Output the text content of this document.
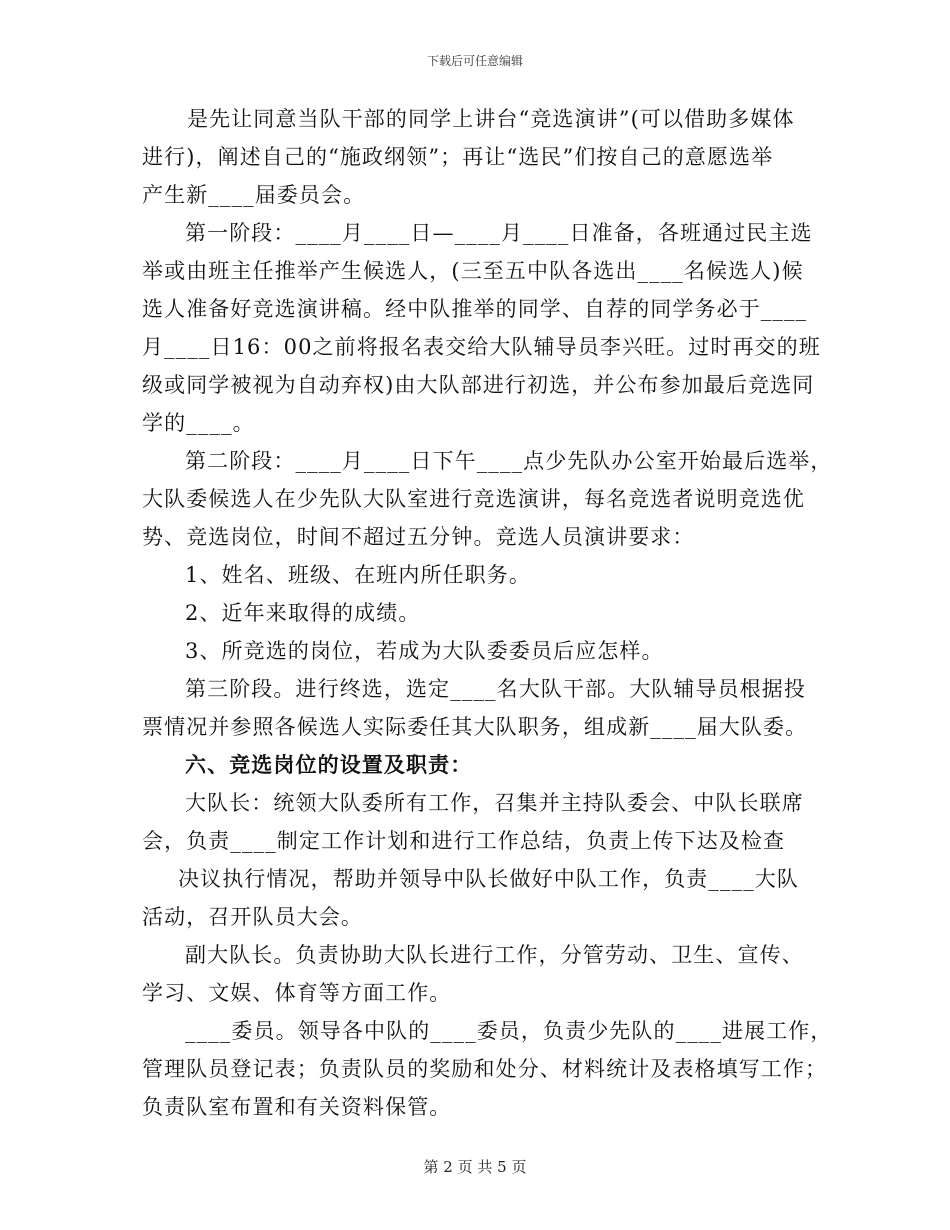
下载后可任意编辑
是先让同意当队干部的同学上讲台“竞选演讲”(可以借助多媒体
进行)，阐述自己的“施政纲领”；再让“选民”们按自己的意愿选举
产生新____届委员会。
第一阶段：____月____日—____月____日准备，各班通过民主选
举或由班主任推举产生候选人，(三至五中队各选出____名候选人)候
选人准备好竞选演讲稿。经中队推举的同学、自荐的同学务必于____
月____日16：00之前将报名表交给大队辅导员李兴旺。过时再交的班
级或同学被视为自动弃权)由大队部进行初选，并公布参加最后竞选同
学的____。
第二阶段：____月____日下午____点少先队办公室开始最后选举，
大队委候选人在少先队大队室进行竞选演讲，每名竞选者说明竞选优
势、竞选岗位，时间不超过五分钟。竞选人员演讲要求：
1、姓名、班级、在班内所任职务。
2、近年来取得的成绩。
3、所竞选的岗位，若成为大队委委员后应怎样。
第三阶段。进行终选，选定____名大队干部。大队辅导员根据投
票情况并参照各候选人实际委任其大队职务，组成新____届大队委。
六、竞选岗位的设置及职责：
大队长：统领大队委所有工作，召集并主持队委会、中队长联席
会，负责____制定工作计划和进行工作总结，负责上传下达及检查
决议执行情况，帮助并领导中队长做好中队工作，负责____大队
活动，召开队员大会。
副大队长。负责协助大队长进行工作，分管劳动、卫生、宣传、
学习、文娱、体育等方面工作。
____委员。领导各中队的____委员，负责少先队的____进展工作，
管理队员登记表；负责队员的奖励和处分、材料统计及表格填写工作；
负责队室布置和有关资料保管。
第 2 页 共 5 页
